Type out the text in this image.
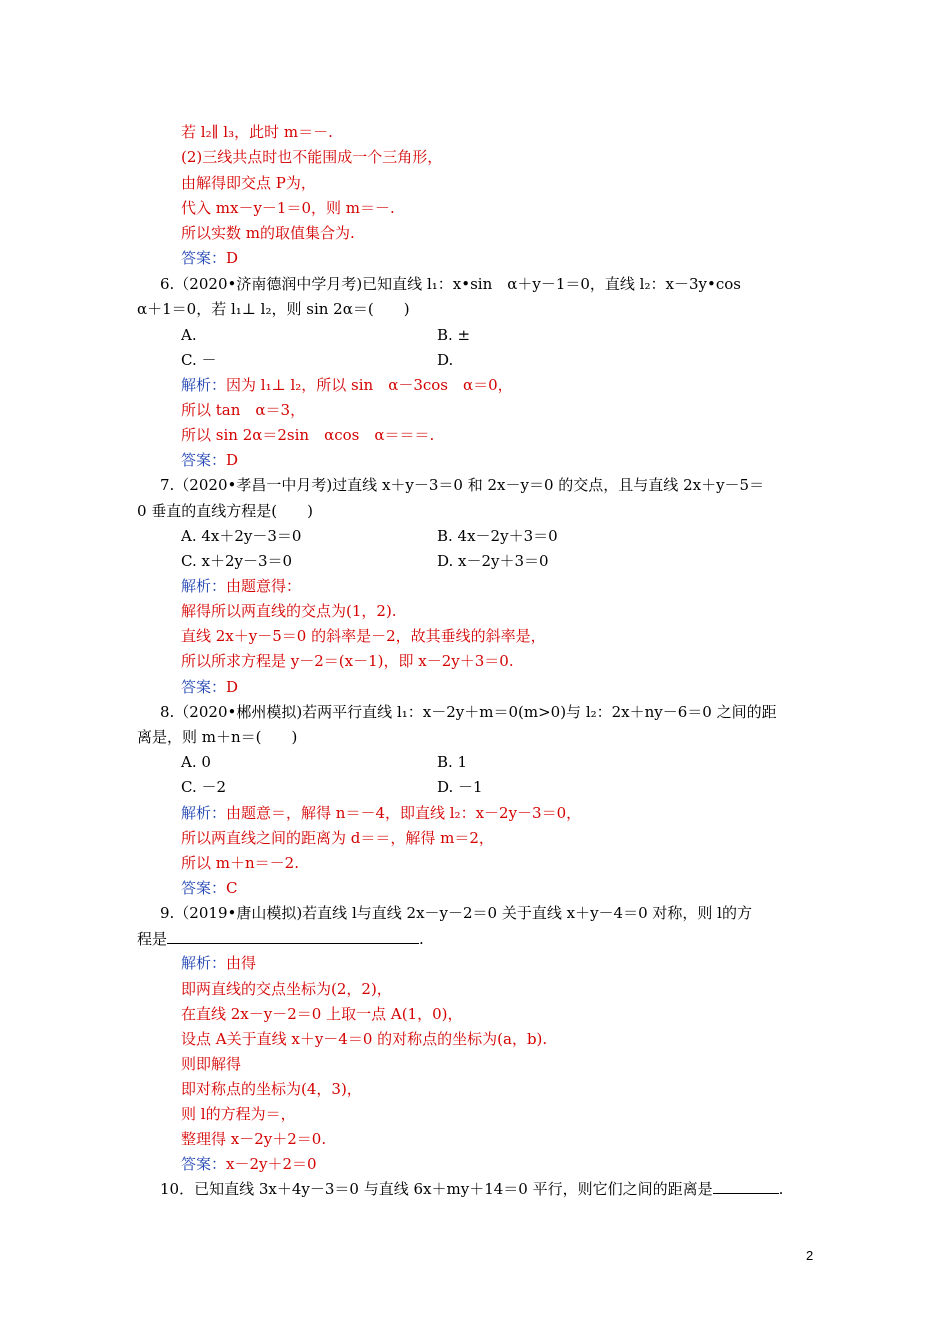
若 l₂∥ l₃，此时 m＝－.
(2)三线共点时也不能围成一个三角形，
由解得即交点 P为，
代入 mx－y－1＝0，则 m＝－.
所以实数 m的取值集合为.
答案：D
6.（2020•济南德润中学月考)已知直线 l₁：x•sin　α＋y－1＝0，直线 l₂：x－3y•cos
α＋1＝0，若 l₁⊥ l₂，则 sin 2α＝(　　)
A.	B. ±
C. －	D.
解析：因为 l₁⊥ l₂，所以 sin　α－3cos　α＝0，
所以 tan　α＝3，
所以 sin 2α＝2sin　αcos　α＝＝＝.
答案：D
7.（2020•孝昌一中月考)过直线 x＋y－3＝0 和 2x－y＝0 的交点，且与直线 2x＋y－5＝
0 垂直的直线方程是(　　)
A. 4x＋2y－3＝0	B. 4x－2y＋3＝0
C. x＋2y－3＝0	D. x－2y＋3＝0
解析：由题意得：
解得所以两直线的交点为(1，2).
直线 2x＋y－5＝0 的斜率是－2，故其垂线的斜率是，
所以所求方程是 y－2＝(x－1)，即 x－2y＋3＝0.
答案：D
8.（2020•郴州模拟)若两平行直线 l₁：x－2y＋m＝0(m>0)与 l₂：2x＋ny－6＝0 之间的距
离是，则 m＋n＝(　　)
A. 0	B. 1
C. －2	D. －1
解析：由题意＝，解得 n＝－4，即直线 l₂：x－2y－3＝0，
所以两直线之间的距离为 d＝＝，解得 m＝2，
所以 m＋n＝－2.
答案：C
9.（2019•唐山模拟)若直线 l与直线 2x－y－2＝0 关于直线 x＋y－4＝0 对称，则 l的方
程是	.
解析：由得
即两直线的交点坐标为(2，2)，
在直线 2x－y－2＝0 上取一点 A(1，0)，
设点 A关于直线 x＋y－4＝0 的对称点的坐标为(a，b).
则即解得
即对称点的坐标为(4，3)，
则 l的方程为＝，
整理得 x－2y＋2＝0.
答案：x－2y＋2＝0
10．已知直线 3x＋4y－3＝0 与直线 6x＋my＋14＝0 平行，则它们之间的距离是	.
2
